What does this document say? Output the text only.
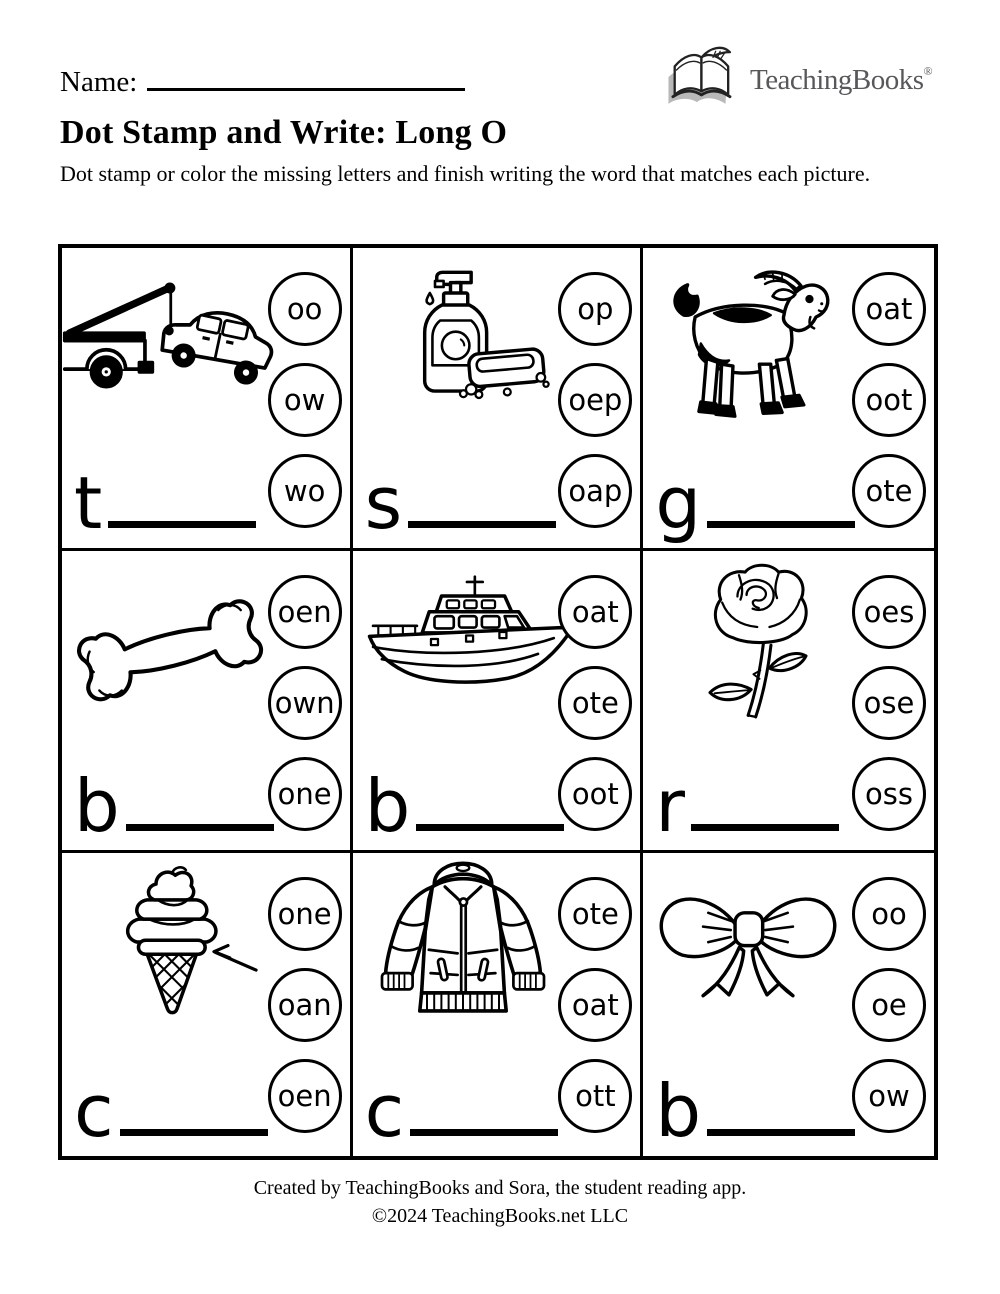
Name:	TeachingBooks®
Dot Stamp and Write: Long O
Dot stamp or color the missing letters and finish writing the word that matches each picture.
oo
ow
wo
t
op
oep
oap
s
oat
oot
ote
g
oen
own
one
b
oat
ote
oot
b
oes
ose
oss
r
one
oan
oen
c
ote
oat
ott
c
oo
oe
ow
b
Created by TeachingBooks and Sora, the student reading app.
©2024 TeachingBooks.net LLC
